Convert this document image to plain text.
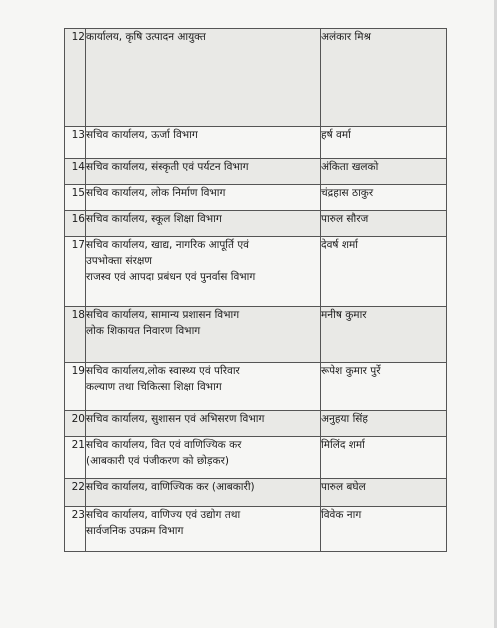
12	कार्यालय, कृषि उत्पादन आयुक्त	अलंकार मिश्र
13	सचिव कार्यालय, ऊर्जा विभाग	हर्ष वर्मा
14	सचिव कार्यालय, संस्कृती एवं पर्यटन विभाग	अंकिता खलको
15	सचिव कार्यालय, लोक निर्माण विभाग	चंद्रहास ठाकुर
16	सचिव कार्यालय, स्कूल शिक्षा विभाग	पारुल सौरज
17	सचिव कार्यालय, खाद्य, नागरिक आपूर्ति एवं
उपभोक्ता संरक्षण
राजस्व एवं आपदा प्रबंधन एवं पुनर्वास विभाग	देवर्ष शर्मा
18	सचिव कार्यालय, सामान्य प्रशासन विभाग
लोक शिकायत निवारण विभाग	मनीष कुमार
19	सचिव कार्यालय,लोक स्वास्थ्य एवं परिवार
कल्याण तथा चिकित्सा शिक्षा विभाग	रूपेश कुमार पुर्रे
20	सचिव कार्यालय, सुशासन एवं अभिसरण विभाग	अनुहया सिंह
21	सचिव कार्यालय, वित एवं वाणिज्यिक कर
(आबकारी एवं पंजीकरण को छोड़कर)	मिलिंद शर्मा
22	सचिव कार्यालय, वाणिज्यिक कर (आबकारी)	पारुल बघेल
23	सचिव कार्यालय, वाणिज्य एवं उद्योग तथा
सार्वजनिक उपक्रम विभाग	विवेक नाग
